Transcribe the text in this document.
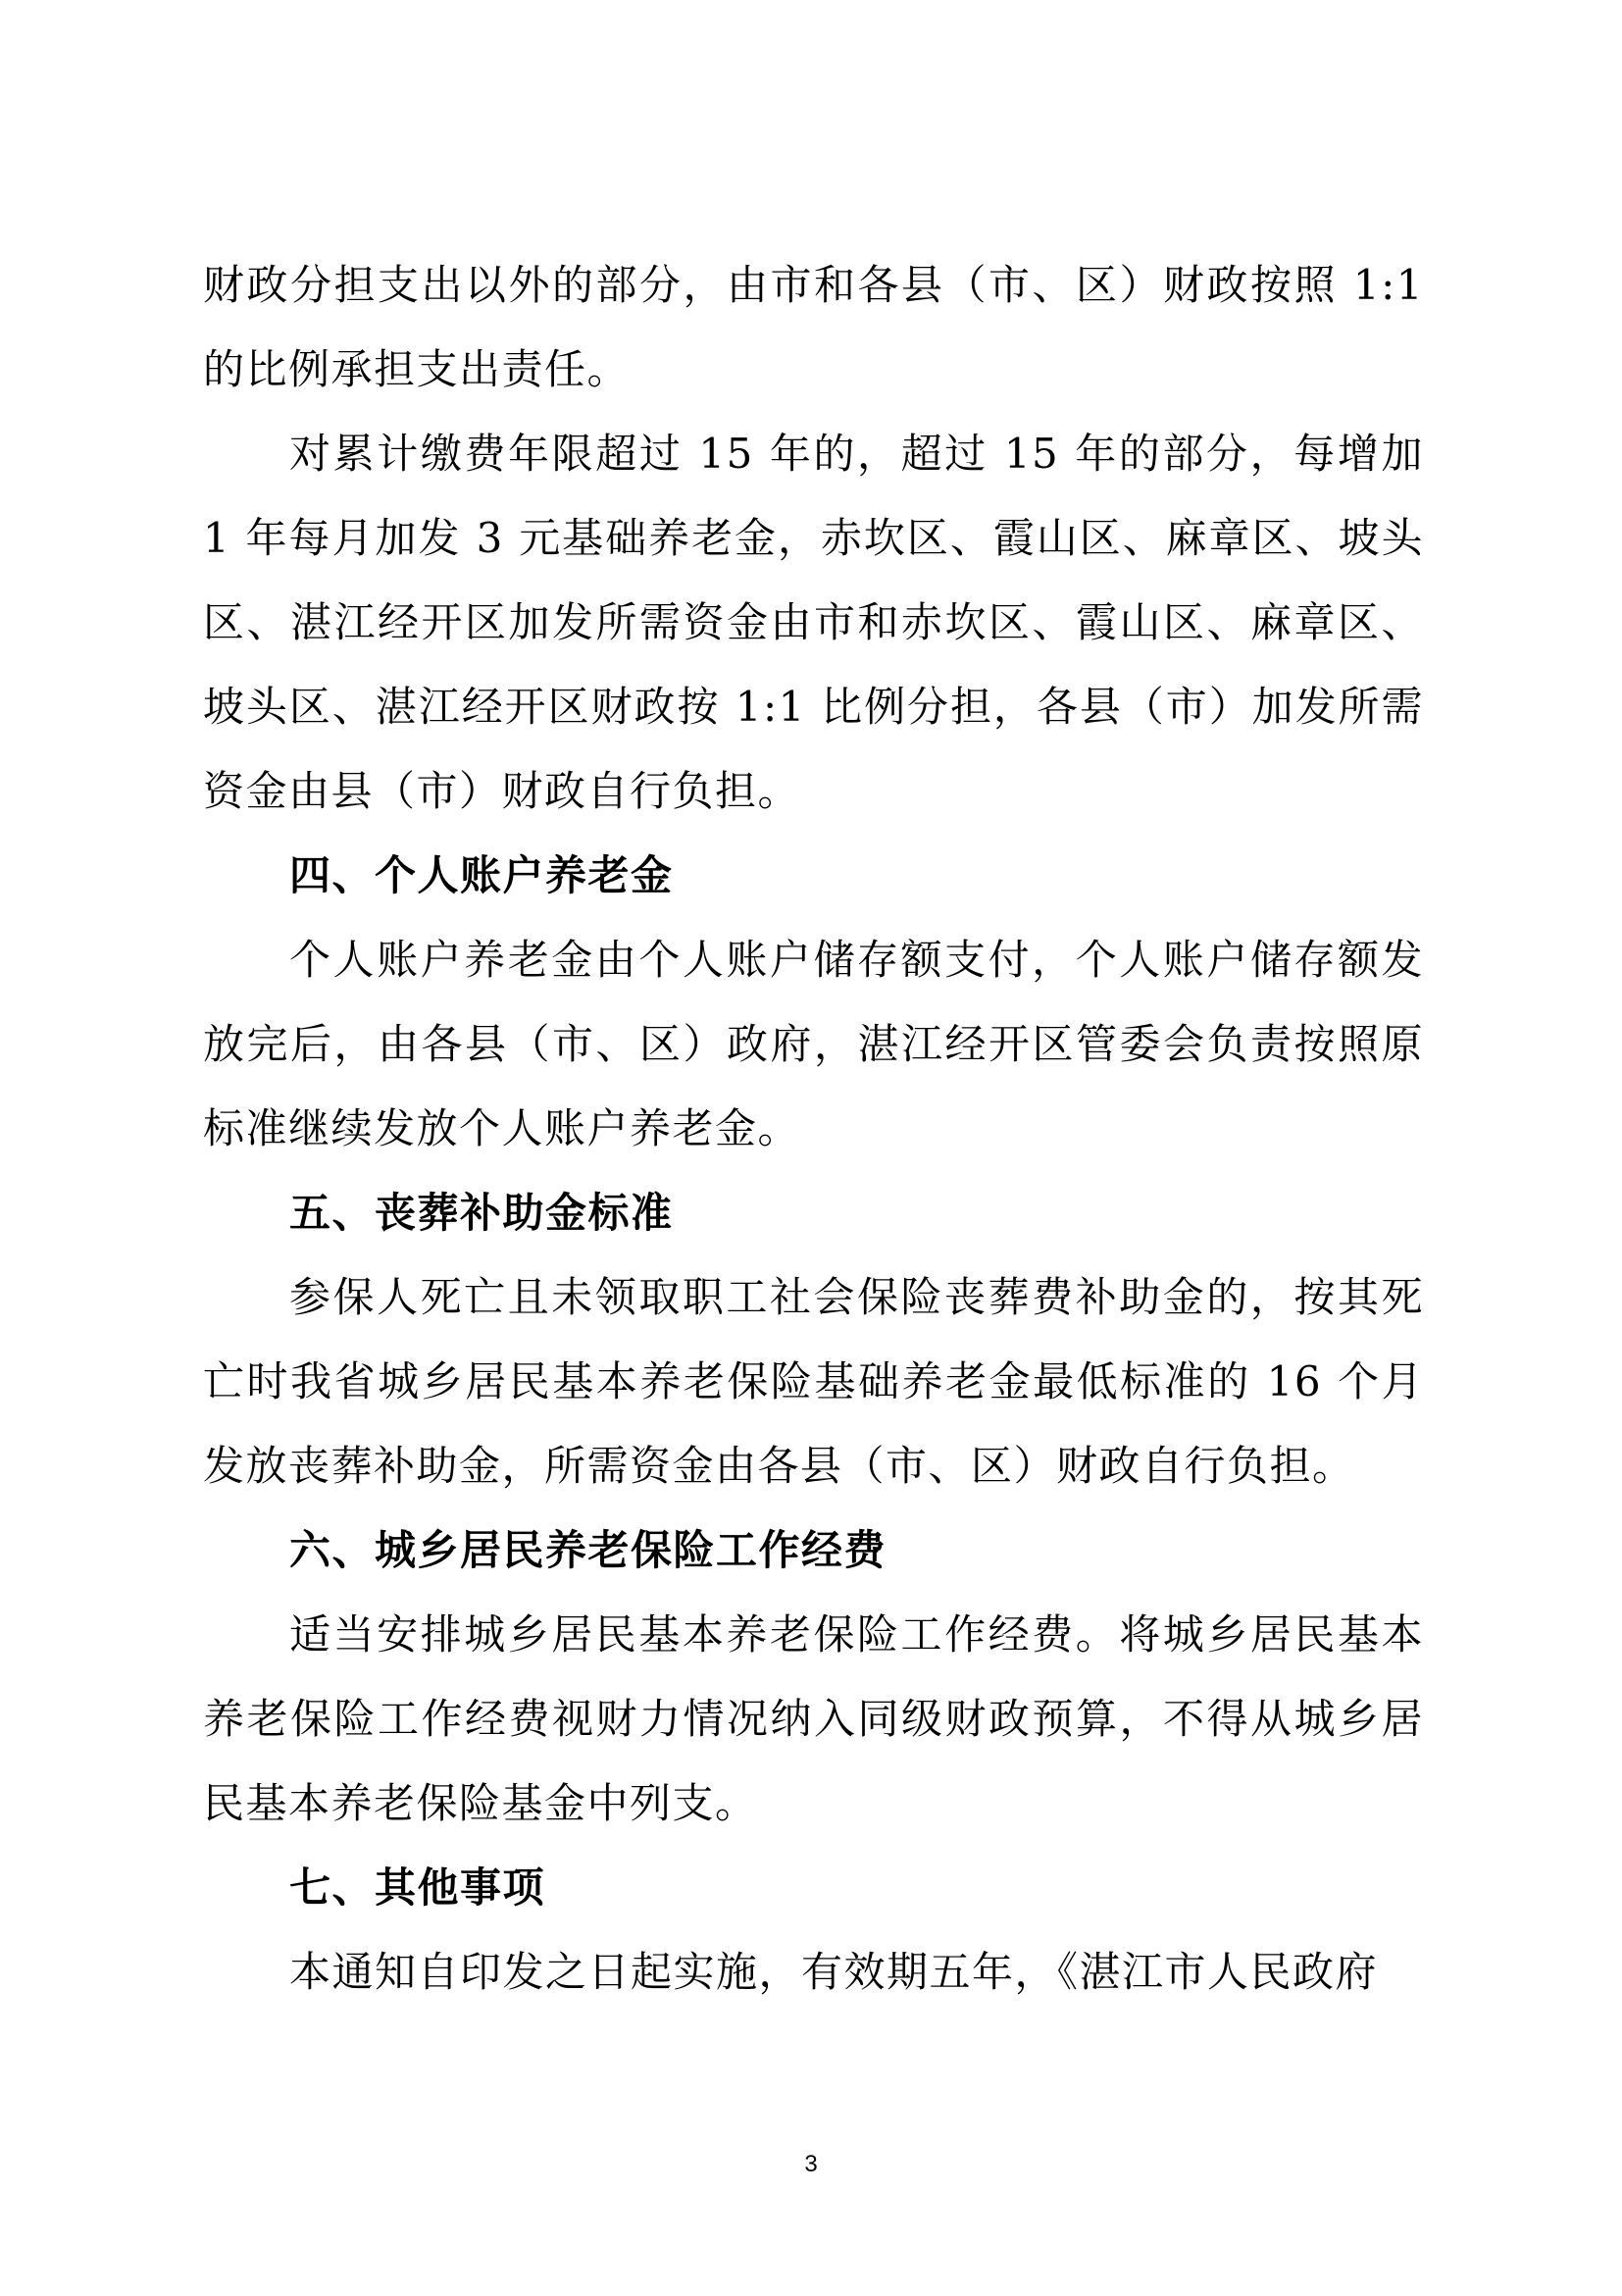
财政分担支出以外的部分，由市和各县（市、区）财政按照 1:1 的比例承担支出责任。

对累计缴费年限超过 15 年的，超过 15 年的部分，每增加 1 年每月加发 3 元基础养老金，赤坎区、霞山区、麻章区、坡头区、湛江经开区加发所需资金由市和赤坎区、霞山区、麻章区、坡头区、湛江经开区财政按 1:1 比例分担，各县（市）加发所需资金由县（市）财政自行负担。

四、个人账户养老金

个人账户养老金由个人账户储存额支付，个人账户储存额发放完后，由各县（市、区）政府，湛江经开区管委会负责按照原标准继续发放个人账户养老金。

五、丧葬补助金标准

参保人死亡且未领取职工社会保险丧葬费补助金的，按其死亡时我省城乡居民基本养老保险基础养老金最低标准的 16 个月发放丧葬补助金，所需资金由各县（市、区）财政自行负担。

六、城乡居民养老保险工作经费

适当安排城乡居民基本养老保险工作经费。将城乡居民基本养老保险工作经费视财力情况纳入同级财政预算，不得从城乡居民基本养老保险基金中列支。

七、其他事项

本通知自印发之日起实施，有效期五年，《湛江市人民政府

3
